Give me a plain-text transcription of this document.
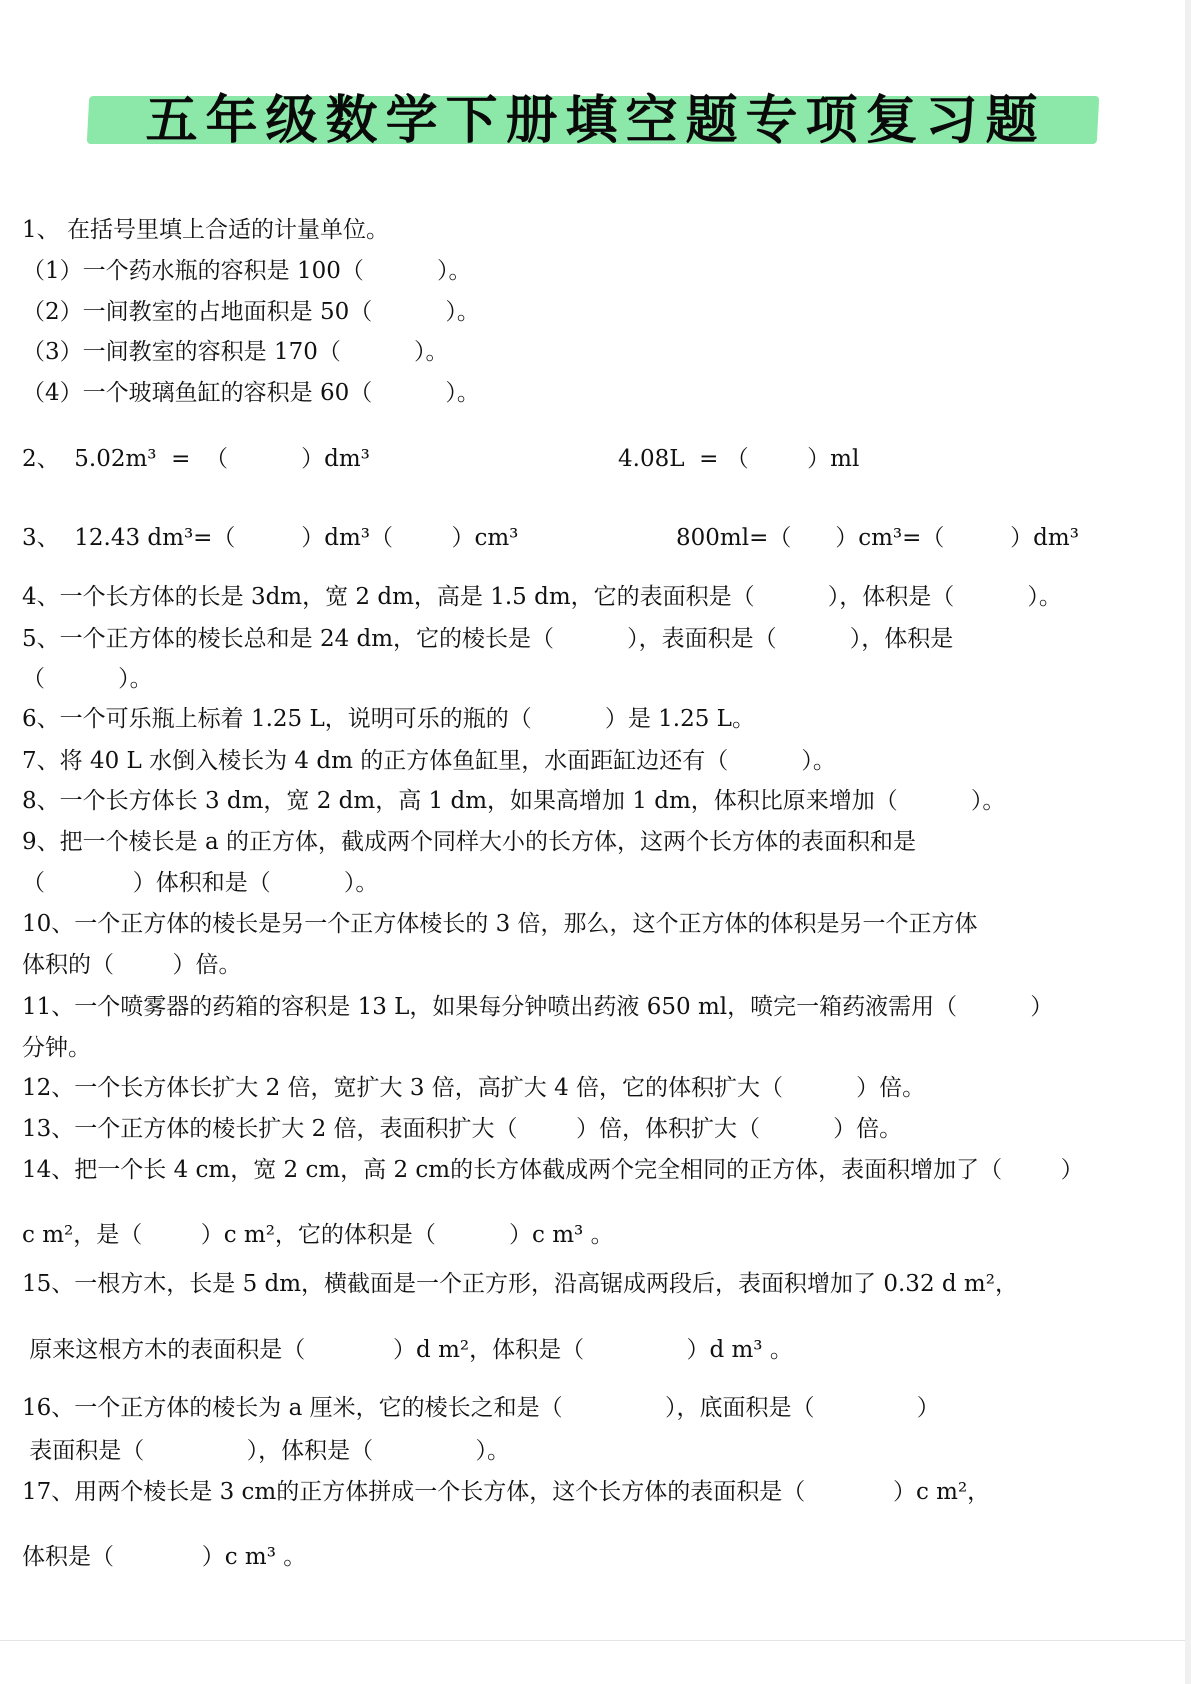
五年级数学下册填空题专项复习题
1、 在括号里填上合适的计量单位。
（1）一个药水瓶的容积是 100（          ）。
（2）一间教室的占地面积是 50（          ）。
（3）一间教室的容积是 170（          ）。
（4）一个玻璃鱼缸的容积是 60（          ）。
2、  5.02m³  =  （          ）dm³	4.08L  = （        ）ml
3、  12.43 dm³=（         ）dm³（        ）cm³	800ml=（      ）cm³=（         ）dm³
4、一个长方体的长是 3dm，宽 2 dm，高是 1.5 dm，它的表面积是（          ），体积是（          ）。
5、一个正方体的棱长总和是 24 dm，它的棱长是（          ），表面积是（          ），体积是
（          ）。
6、一个可乐瓶上标着 1.25 L，说明可乐的瓶的（          ）是 1.25 L。
7、将 40 L 水倒入棱长为 4 dm 的正方体鱼缸里，水面距缸边还有（          ）。
8、一个长方体长 3 dm，宽 2 dm，高 1 dm，如果高增加 1 dm，体积比原来增加（          ）。
9、把一个棱长是 a 的正方体，截成两个同样大小的长方体，这两个长方体的表面积和是
（            ）体积和是（          ）。
10、一个正方体的棱长是另一个正方体棱长的 3 倍，那么，这个正方体的体积是另一个正方体
体积的（        ）倍。
11、一个喷雾器的药箱的容积是 13 L，如果每分钟喷出药液 650 ml，喷完一箱药液需用（          ）
分钟。
12、一个长方体长扩大 2 倍，宽扩大 3 倍，高扩大 4 倍，它的体积扩大（          ）倍。
13、一个正方体的棱长扩大 2 倍，表面积扩大（        ）倍，体积扩大（          ）倍。
14、把一个长 4 cm，宽 2 cm，高 2 cm的长方体截成两个完全相同的正方体，表面积增加了（        ）
c m²，是（        ）c m²，它的体积是（          ）c m³ 。
15、一根方木，长是 5 dm，横截面是一个正方形，沿高锯成两段后，表面积增加了 0.32 d m²，
原来这根方木的表面积是（            ）d m²，体积是（              ）d m³ 。
16、一个正方体的棱长为 a 厘米，它的棱长之和是（              ），底面积是（              ）
表面积是（              ），体积是（              ）。
17、用两个棱长是 3 cm的正方体拼成一个长方体，这个长方体的表面积是（            ）c m²，
体积是（            ）c m³ 。
